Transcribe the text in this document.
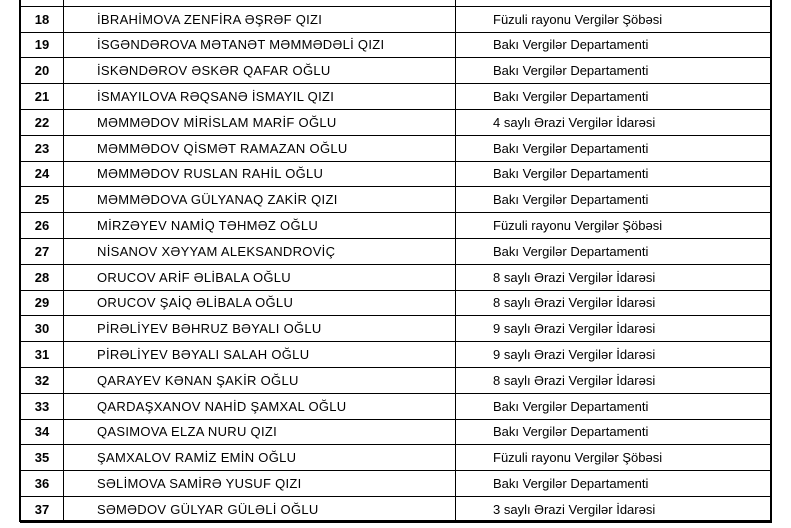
18	İBRAHİMOVA ZENFİRA ƏŞRƏF QIZI	Füzuli rayonu Vergilər Şöbəsi
19	İSGƏNDƏROVA MƏTANƏT MƏMMƏDƏLİ QIZI	Bakı Vergilər Departamenti
20	İSKƏNDƏROV ƏSKƏR QAFAR OĞLU	Bakı Vergilər Departamenti
21	İSMAYILOVA RƏQSANƏ İSMAYIL QIZI	Bakı Vergilər Departamenti
22	MƏMMƏDOV MİRİSLAM MARİF OĞLU	4 saylı Ərazi Vergilər İdarəsi
23	MƏMMƏDOV QİSMƏT RAMAZAN OĞLU	Bakı Vergilər Departamenti
24	MƏMMƏDOV RUSLAN RAHİL OĞLU	Bakı Vergilər Departamenti
25	MƏMMƏDOVA GÜLYANAQ ZAKİR QIZI	Bakı Vergilər Departamenti
26	MİRZƏYEV NAMİQ TƏHMƏZ OĞLU	Füzuli rayonu Vergilər Şöbəsi
27	NİSANOV XƏYYAM ALEKSANDROVİÇ	Bakı Vergilər Departamenti
28	ORUCOV ARİF ƏLİBALA OĞLU	8 saylı Ərazi Vergilər İdarəsi
29	ORUCOV ŞAİQ ƏLİBALA OĞLU	8 saylı Ərazi Vergilər İdarəsi
30	PİRƏLİYEV BƏHRUZ BƏYALI OĞLU	9 saylı Ərazi Vergilər İdarəsi
31	PİRƏLİYEV BƏYALI SALAH OĞLU	9 saylı Ərazi Vergilər İdarəsi
32	QARAYEV KƏNAN ŞAKİR OĞLU	8 saylı Ərazi Vergilər İdarəsi
33	QARDAŞXANOV NAHİD ŞAMXAL OĞLU	Bakı Vergilər Departamenti
34	QASIMOVA ELZA NURU QIZI	Bakı Vergilər Departamenti
35	ŞAMXALOV RAMİZ EMİN OĞLU	Füzuli rayonu Vergilər Şöbəsi
36	SƏLİMOVA SAMİRƏ YUSUF QIZI	Bakı Vergilər Departamenti
37	SƏMƏDOV GÜLYAR GÜLƏLİ OĞLU	3 saylı Ərazi Vergilər İdarəsi
